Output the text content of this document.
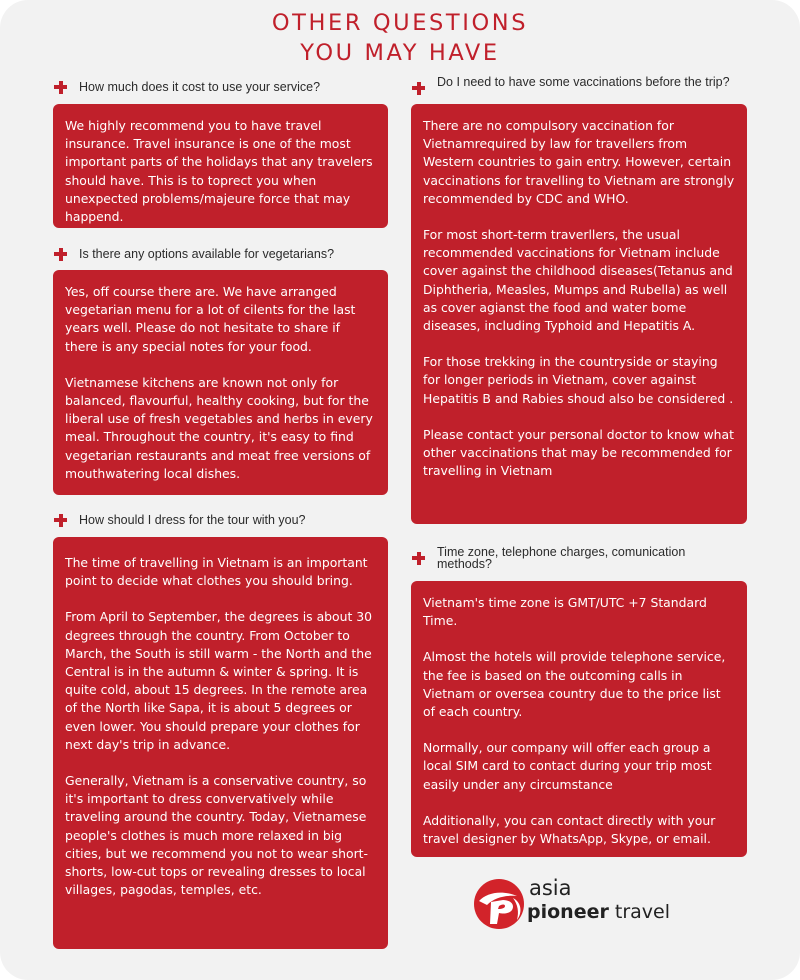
OTHER QUESTIONS
YOU MAY HAVE
How much does it cost to use your service?

We highly recommend you to have travel insurance. Travel insurance is one of the most important parts of the holidays that any travelers should have. This is to toprect you when unexpected problems/majeure force that may happend.

Is there any options available for vegetarians?

Yes, off course there are. We have arranged vegetarian menu for a lot of cilents for the last years well. Please do not hesitate to share if there is any special notes for your food.

Vietnamese kitchens are known not only for balanced, flavourful, healthy cooking, but for the liberal use of fresh vegetables and herbs in every meal. Throughout the country, it's easy to find vegetarian restaurants and meat free versions of mouthwatering local dishes.

How should I dress for the tour with you?

The time of travelling in Vietnam is an important point to decide what clothes you should bring.

From April to September, the degrees is about 30 degrees through the country. From October to March, the South is still warm - the North and the Central is in the autumn & winter & spring. It is quite cold, about 15 degrees. In the remote area of the North like Sapa, it is about 5 degrees or even lower. You should prepare your clothes for next day's trip in advance.

Generally, Vietnam is a conservative country, so it's important to dress convervatively while traveling around the country. Today, Vietnamese people's clothes is much more relaxed in big cities, but we recommend you not to wear short-shorts, low-cut tops or revealing dresses to local villages, pagodas, temples, etc.

Do I need to have some vaccinations before the trip?

There are no compulsory vaccination for Vietnamrequired by law for travellers from Western countries to gain entry. However, certain vaccinations for travelling to Vietnam are strongly recommended by CDC and WHO.

For most short-term traverllers, the usual recommended vaccinations for Vietnam include cover against the childhood diseases(Tetanus and Diphtheria, Measles, Mumps and Rubella) as well as cover agianst the food and water bome diseases, including Typhoid and Hepatitis A.

For those trekking in the countryside or staying for longer periods in Vietnam, cover against Hepatitis B and Rabies shoud also be considered .

Please contact your personal doctor to know what other vaccinations that may be recommended for travelling in Vietnam

Time zone, telephone charges, comunication methods?

Vietnam's time zone is GMT/UTC +7 Standard Time.

Almost the hotels will provide telephone service, the fee is based on the outcoming calls in Vietnam or oversea country due to the price list of each country.

Normally, our company will offer each group a local SIM card to contact during your trip most easily under any circumstance

Additionally, you can contact directly with your travel designer by WhatsApp, Skype, or email.

asia
pioneer travel
